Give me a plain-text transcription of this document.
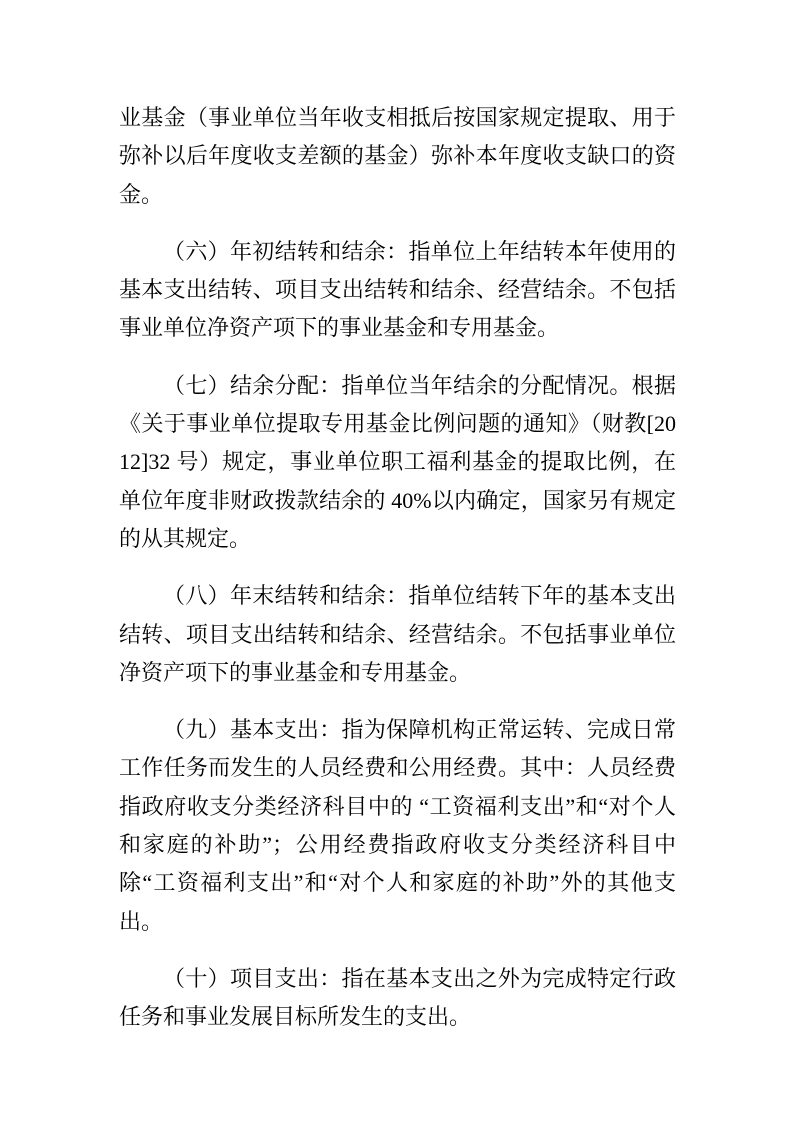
业基金（事业单位当年收支相抵后按国家规定提取、用于弥补以后年度收支差额的基金）弥补本年度收支缺口的资金。

（六）年初结转和结余：指单位上年结转本年使用的基本支出结转、项目支出结转和结余、经营结余。不包括事业单位净资产项下的事业基金和专用基金。

（七）结余分配：指单位当年结余的分配情况。根据《关于事业单位提取专用基金比例问题的通知》（财教[2012]32 号）规定，事业单位职工福利基金的提取比例，在单位年度非财政拨款结余的 40%以内确定，国家另有规定的从其规定。

（八）年末结转和结余：指单位结转下年的基本支出结转、项目支出结转和结余、经营结余。不包括事业单位净资产项下的事业基金和专用基金。

（九）基本支出：指为保障机构正常运转、完成日常工作任务而发生的人员经费和公用经费。其中：人员经费指政府收支分类经济科目中的 “工资福利支出”和“对个人和家庭的补助”；公用经费指政府收支分类经济科目中除“工资福利支出”和“对个人和家庭的补助”外的其他支出。

（十）项目支出：指在基本支出之外为完成特定行政任务和事业发展目标所发生的支出。
